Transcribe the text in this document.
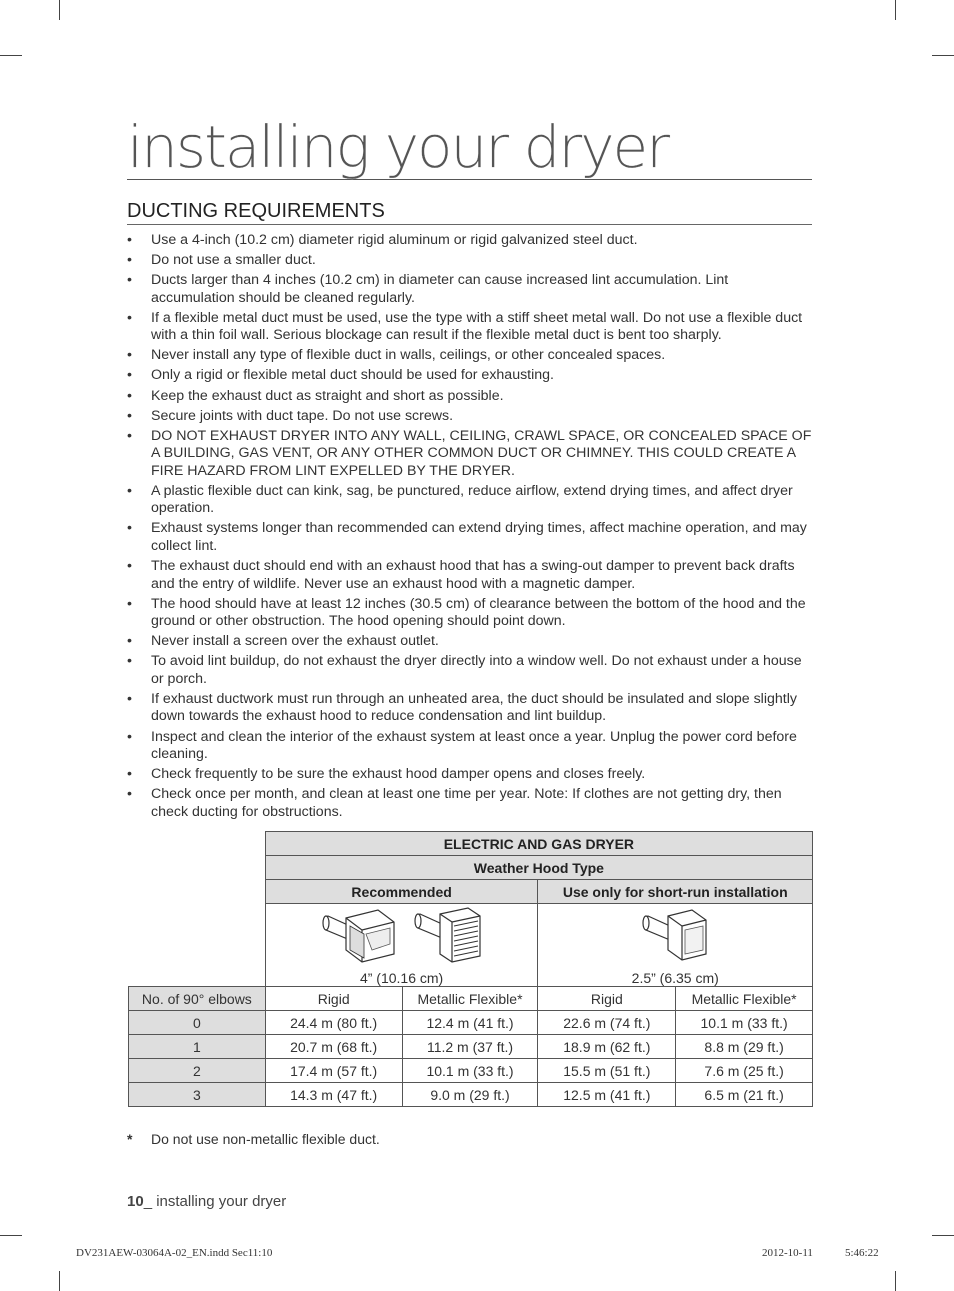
installing your dryer
DUCTING REQUIREMENTS
• Use a 4-inch (10.2 cm) diameter rigid aluminum or rigid galvanized steel duct.
• Do not use a smaller duct.
• Ducts larger than 4 inches (10.2 cm) in diameter can cause increased lint accumulation. Lint accumulation should be cleaned regularly.
• If a flexible metal duct must be used, use the type with a stiff sheet metal wall. Do not use a flexible duct with a thin foil wall. Serious blockage can result if the flexible metal duct is bent too sharply.
• Never install any type of flexible duct in walls, ceilings, or other concealed spaces.
• Only a rigid or flexible metal duct should be used for exhausting.
• Keep the exhaust duct as straight and short as possible.
• Secure joints with duct tape. Do not use screws.
• DO NOT EXHAUST DRYER INTO ANY WALL, CEILING, CRAWL SPACE, OR CONCEALED SPACE OF A BUILDING, GAS VENT, OR ANY OTHER COMMON DUCT OR CHIMNEY. THIS COULD CREATE A FIRE HAZARD FROM LINT EXPELLED BY THE DRYER.
• A plastic flexible duct can kink, sag, be punctured, reduce airflow, extend drying times, and affect dryer operation.
• Exhaust systems longer than recommended can extend drying times, affect machine operation, and may collect lint.
• The exhaust duct should end with an exhaust hood that has a swing-out damper to prevent back drafts and the entry of wildlife. Never use an exhaust hood with a magnetic damper.
• The hood should have at least 12 inches (30.5 cm) of clearance between the bottom of the hood and the ground or other obstruction. The hood opening should point down.
• Never install a screen over the exhaust outlet.
• To avoid lint buildup, do not exhaust the dryer directly into a window well. Do not exhaust under a house or porch.
• If exhaust ductwork must run through an unheated area, the duct should be insulated and slope slightly down towards the exhaust hood to reduce condensation and lint buildup.
• Inspect and clean the interior of the exhaust system at least once a year. Unplug the power cord before cleaning.
• Check frequently to be sure the exhaust hood damper opens and closes freely.
• Check once per month, and clean at least one time per year. Note: If clothes are not getting dry, then check ducting for obstructions.
	ELECTRIC AND GAS DRYER			
	Weather Hood Type			
	Recommended		Use only for short-run installation	

	4” (10.16 cm)		2.5” (6.35 cm)	

No. of 90° elbows	Rigid	Metallic Flexible*	Rigid	Metallic Flexible*
0	24.4 m (80 ft.)	12.4 m (41 ft.)	22.6 m (74 ft.)	10.1 m (33 ft.)
1	20.7 m (68 ft.)	11.2 m (37 ft.)	18.9 m (62 ft.)	8.8 m (29 ft.)
2	17.4 m (57 ft.)	10.1 m (33 ft.)	15.5 m (51 ft.)	7.6 m (25 ft.)
3	14.3 m (47 ft.)	9.0 m (29 ft.)	12.5 m (41 ft.)	6.5 m (21 ft.)
* Do not use non-metallic flexible duct.
10_ installing your dryer
DV231AEW-03064A-02_EN.indd Sec11:10	2012-10-11	5:46:22
